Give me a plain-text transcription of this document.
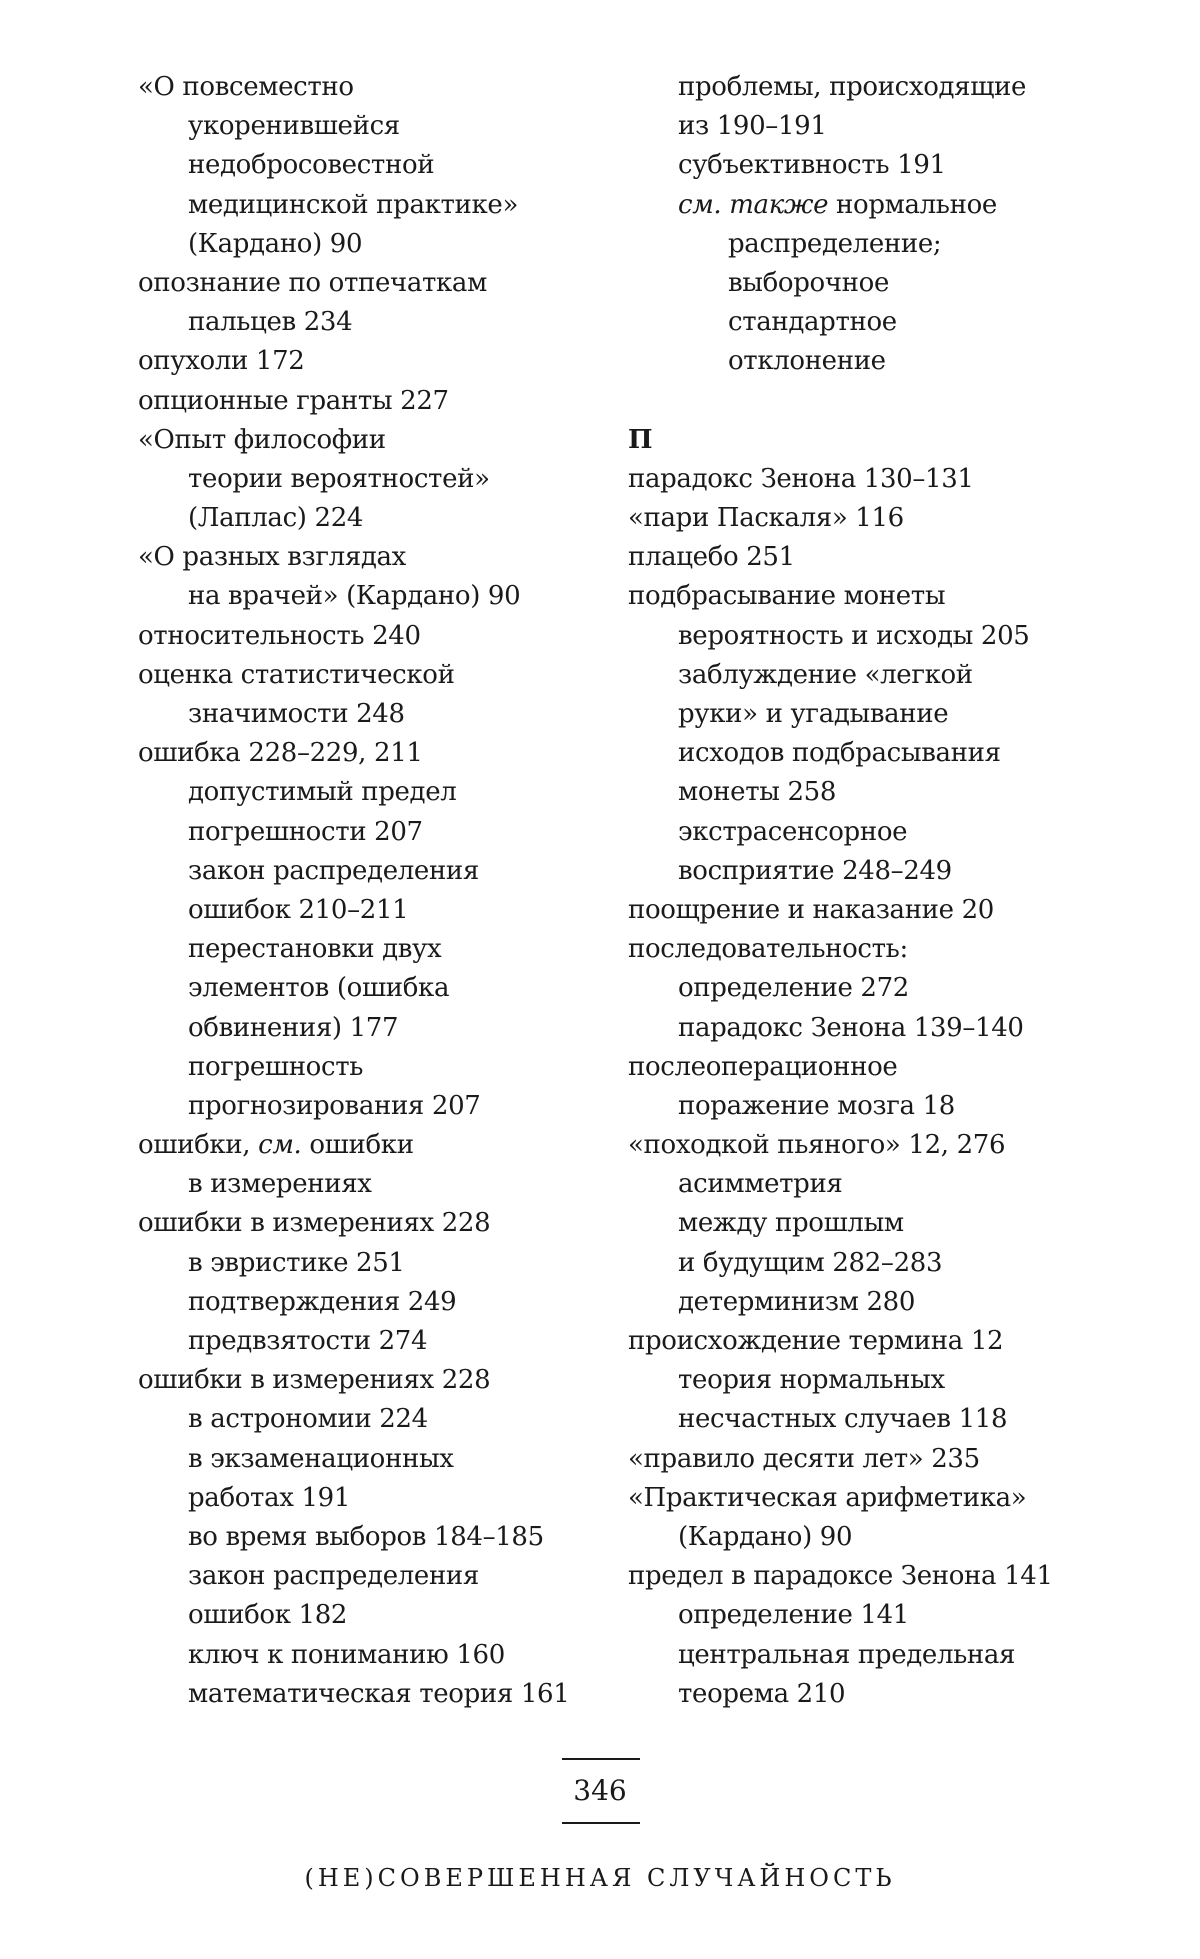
«О повсеместно
укоренившейся
недобросовестной
медицинской практике»
(Кардано) 90
опознание по отпечаткам
пальцев 234
опухоли 172
опционные гранты 227
«Опыт философии
теории вероятностей»
(Лаплас) 224
«О разных взглядах
на врачей» (Кардано) 90
относительность 240
оценка статистической
значимости 248
ошибка 228–229, 211
допустимый предел
погрешности 207
закон распределения
ошибок 210–211
перестановки двух
элементов (ошибка
обвинения) 177
погрешность
прогнозирования 207
ошибки, см. ошибки
в измерениях
ошибки в измерениях 228
в эвристике 251
подтверждения 249
предвзятости 274
ошибки в измерениях 228
в астрономии 224
в экзаменационных
работах 191
во время выборов 184–185
закон распределения
ошибок 182
ключ к пониманию 160
математическая теория 161
проблемы, происходящие
из 190–191
субъективность 191
см. также нормальное
распределение;
выборочное
стандартное
отклонение
П
парадокс Зенона 130–131
«пари Паскаля» 116
плацебо 251
подбрасывание монеты
вероятность и исходы 205
заблуждение «легкой
руки» и угадывание
исходов подбрасывания
монеты 258
экстрасенсорное
восприятие 248–249
поощрение и наказание 20
последовательность:
определение 272
парадокс Зенона 139–140
послеоперационное
поражение мозга 18
«походкой пьяного» 12, 276
асимметрия
между прошлым
и будущим 282–283
детерминизм 280
происхождение термина 12
теория нормальных
несчастных случаев 118
«правило десяти лет» 235
«Практическая арифметика»
(Кардано) 90
предел в парадоксе Зенона 141
определение 141
центральная предельная
теорема 210
346
(НЕ)СОВЕРШЕННАЯ СЛУЧАЙНОСТЬ
